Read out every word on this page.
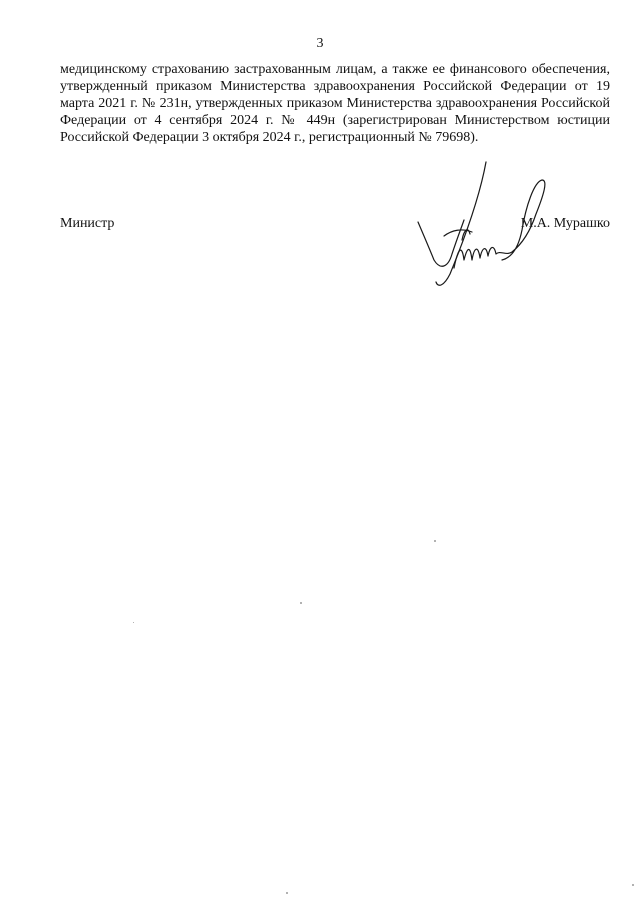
3

медицинскому страхованию застрахованным лицам, а также ее финансового обеспечения, утвержденный приказом Министерства здравоохранения Российской Федерации от 19 марта 2021 г. № 231н, утвержденных приказом Министерства здравоохранения Российской Федерации от 4 сентября 2024 г. № 449н (зарегистрирован Министерством юстиции Российской Федерации 3 октября 2024 г., регистрационный № 79698).

Министр	М.А. Мурашко
